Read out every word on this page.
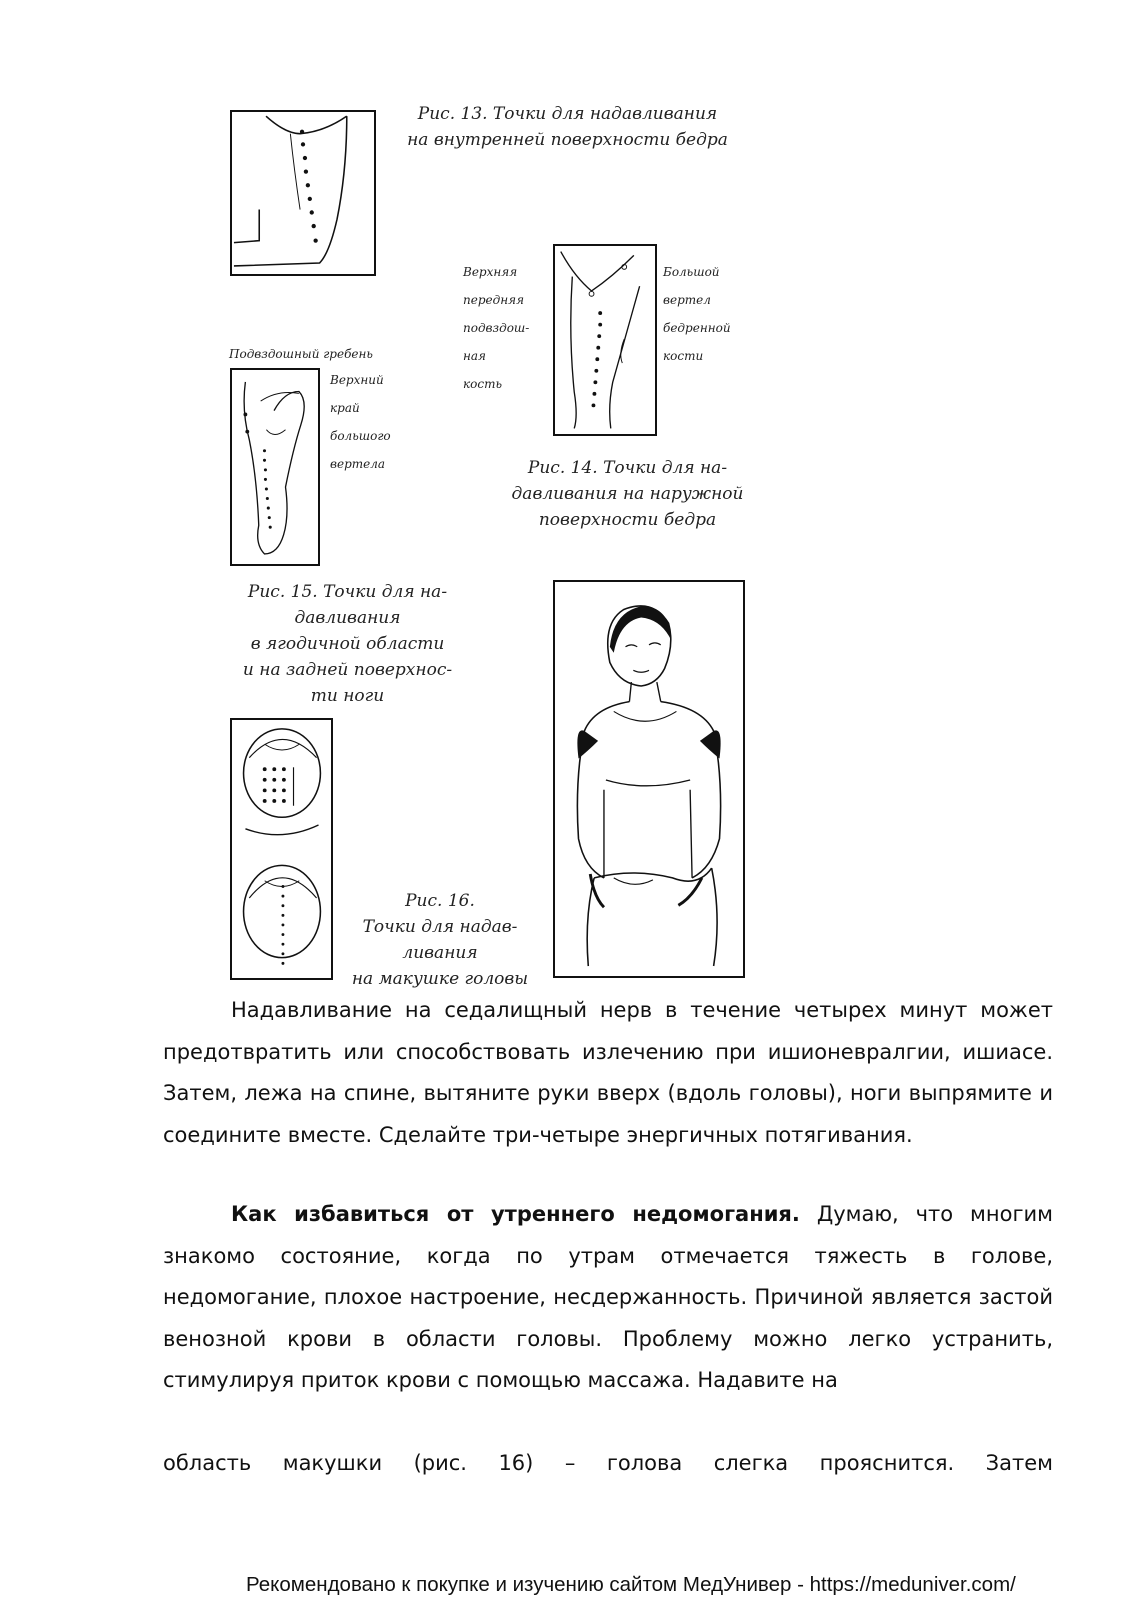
Рис. 13. Точки для надавливания
на внутренней поверхности бедра
Верхняя
передняя
подвздош-
ная
кость
Большой
вертел
бедренной
кости
Рис. 14. Точки для на-
давливания на наружной
поверхности бедра
Подвздошный гребень
Верхний
край
большого
вертела
Рис. 15. Точки для на-
давливания
в ягодичной области
и на задней поверхнос-
ти ноги
Рис. 16.
Точки для надав-
ливания
на макушке головы

Надавливание на седалищный нерв в течение четырех минут может предотвратить или способствовать излечению при ишионевралгии, ишиасе. Затем, лежа на спине, вытяните руки вверх (вдоль головы), ноги выпрямите и соедините вместе. Сделайте три-четыре энергичных потягивания.

Как избавиться от утреннего недомогания. Думаю, что многим знакомо состояние, когда по утрам отмечается тяжесть в голове, недомогание, плохое настроение, несдержанность. Причиной является застой венозной крови в области головы. Проблему можно легко устранить, стимулируя приток крови с помощью массажа. Надавите на
область макушки (рис. 16) – голова слегка прояснится. Затем
Рекомендовано к покупке и изучению сайтом МедУнивер - https://meduniver.com/
